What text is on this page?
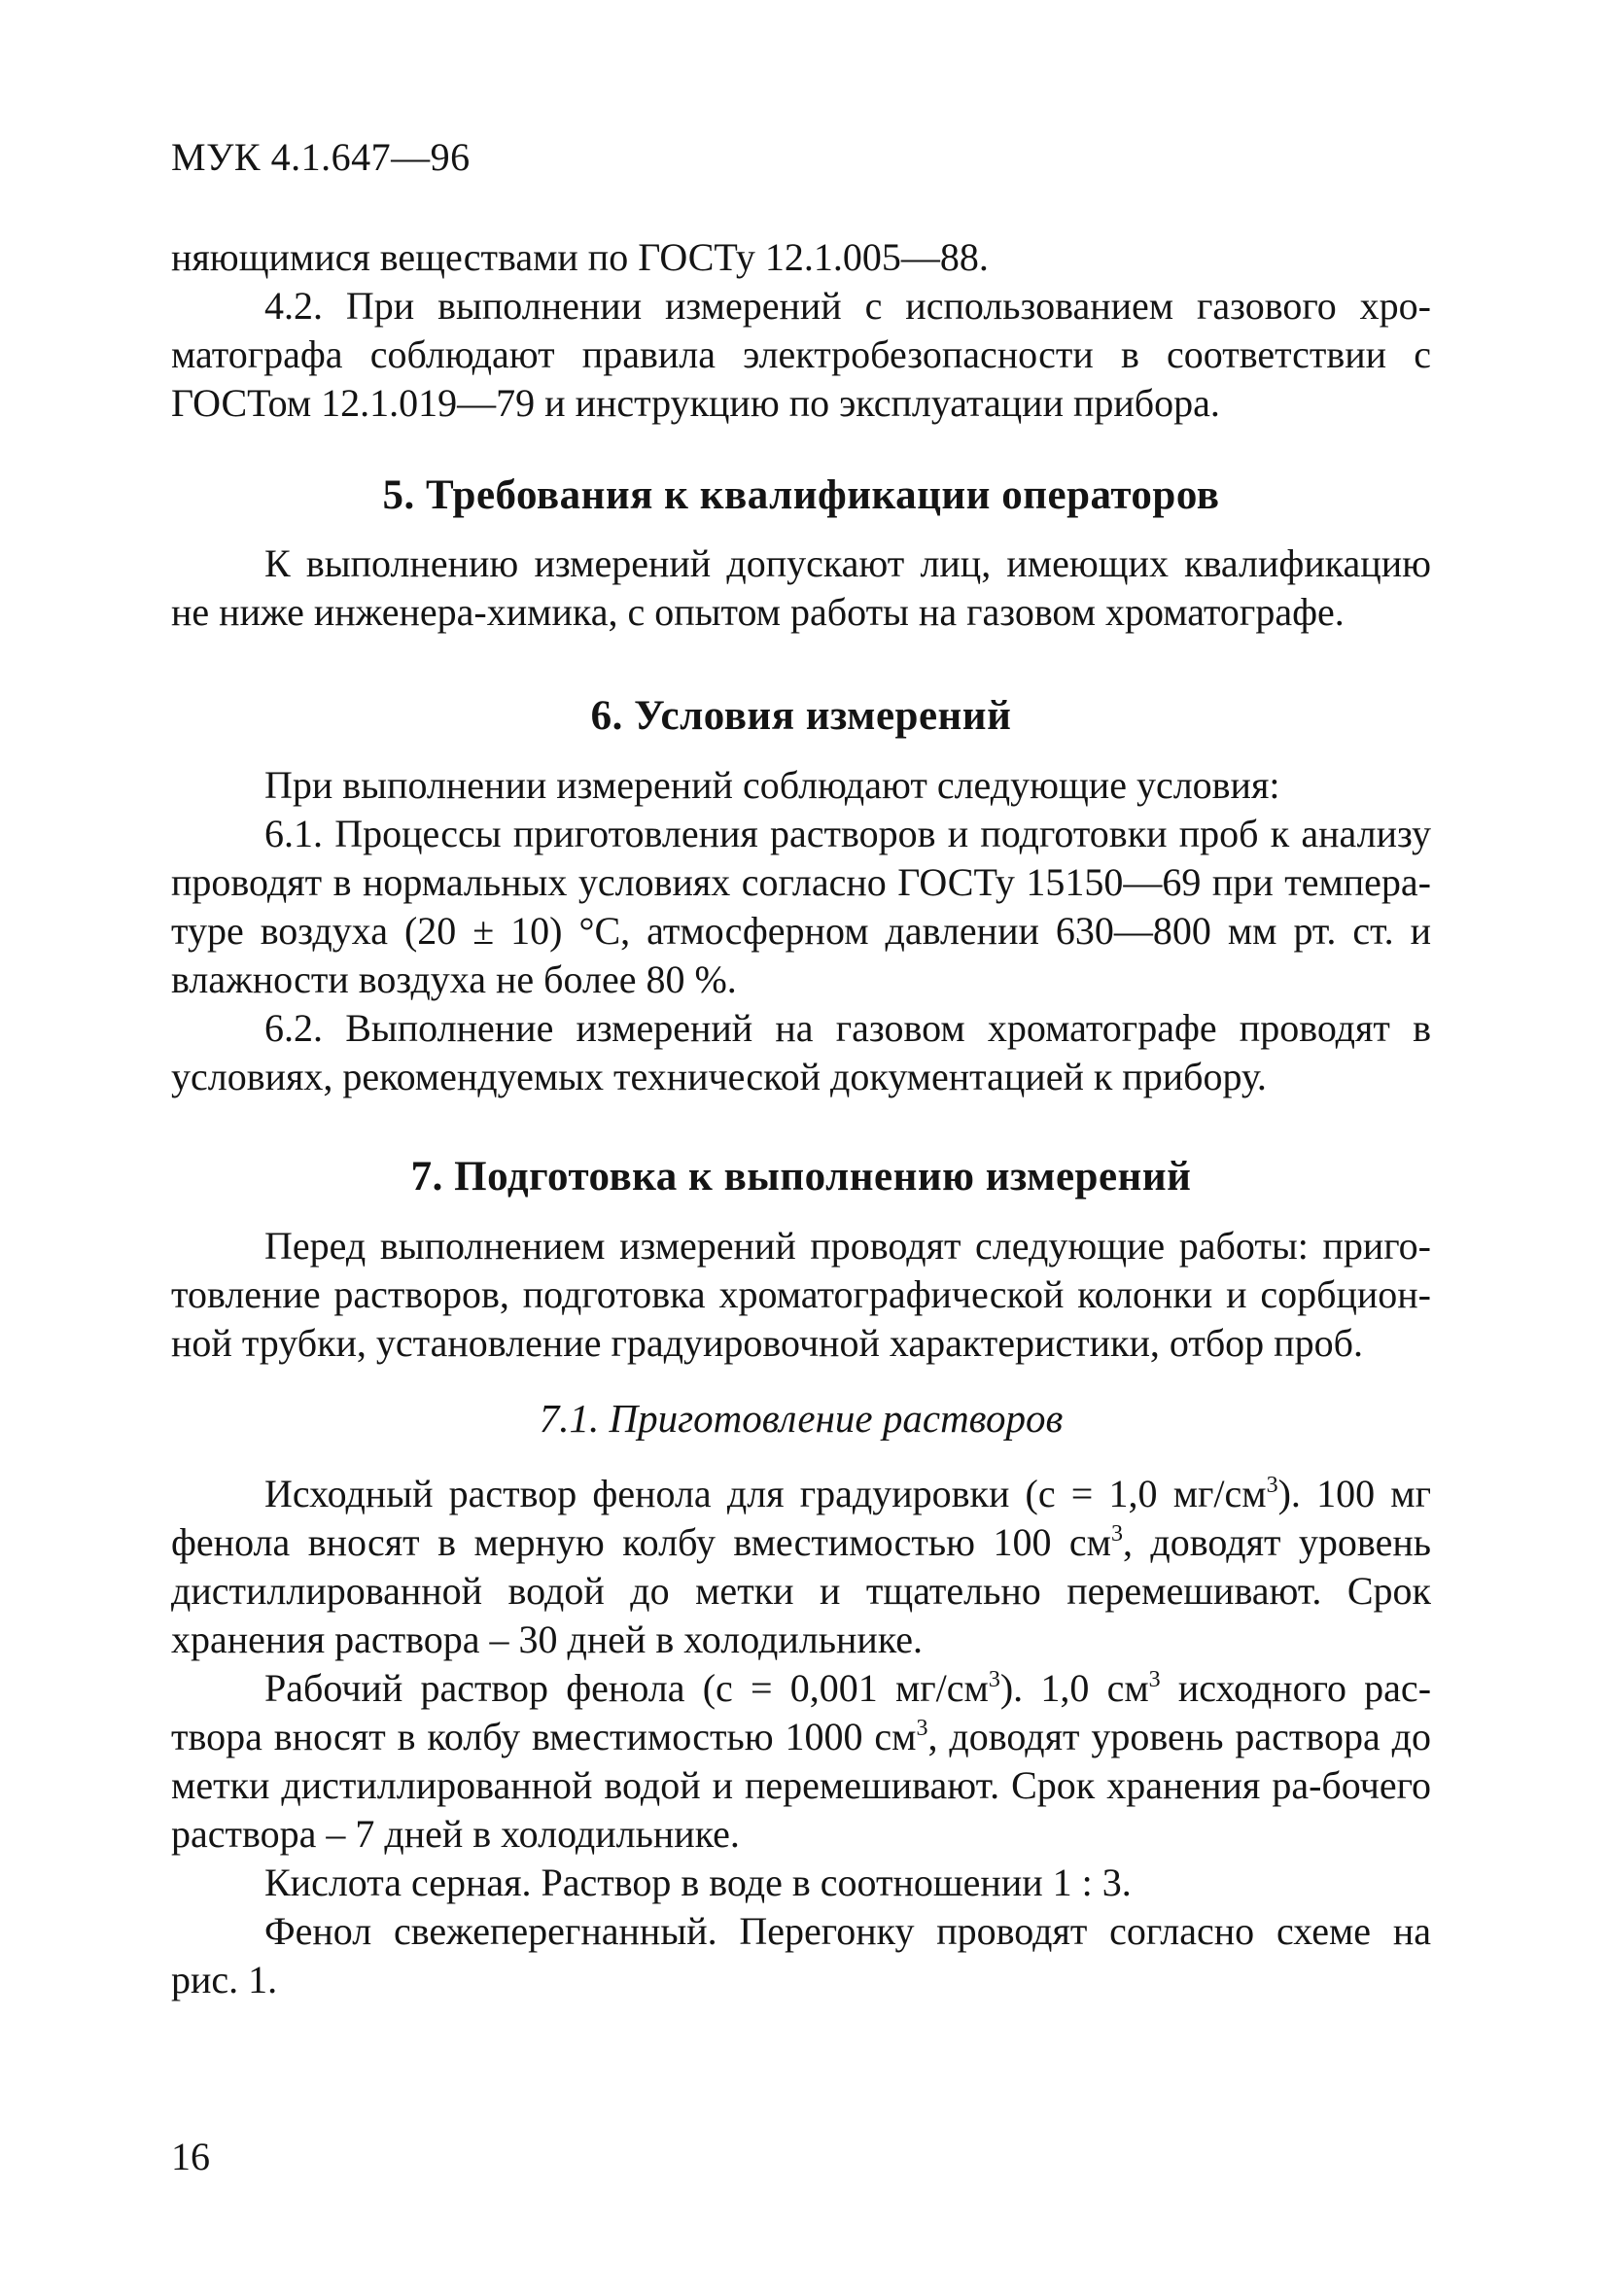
МУК 4.1.647—96

няющимися веществами по ГОСТу 12.1.005—88.

4.2. При выполнении измерений с использованием газового хро-матографа соблюдают правила электробезопасности в соответствии с ГОСТом 12.1.019—79 и инструкцию по эксплуатации прибора.

5. Требования к квалификации операторов

К выполнению измерений допускают лиц, имеющих квалификацию не ниже инженера-химика, с опытом работы на газовом хроматографе.

6. Условия измерений

При выполнении измерений соблюдают следующие условия:

6.1. Процессы приготовления растворов и подготовки проб к анализу проводят в нормальных условиях согласно ГОСТу 15150—69 при темпера-туре воздуха (20 ± 10) °С, атмосферном давлении 630—800 мм рт. ст. и влажности воздуха не более 80 %.

6.2. Выполнение измерений на газовом хроматографе проводят в условиях, рекомендуемых технической документацией к прибору.

7. Подготовка к выполнению измерений

Перед выполнением измерений проводят следующие работы: приго-товление растворов, подготовка хроматографической колонки и сорбцион-ной трубки, установление градуировочной характеристики, отбор проб.

7.1. Приготовление растворов

Исходный раствор фенола для градуировки (с = 1,0 $мг/см^3$). 100 мг фенола вносят в мерную колбу вместимостью 100 $см^3$, доводят уровень дистиллированной водой до метки и тщательно перемешивают. Срок хранения раствора – 30 дней в холодильнике.

Рабочий раствор фенола (с = 0,001 $мг/см^3$). 1,0 $см^3$ исходного рас-твора вносят в колбу вместимостью 1000 $см^3$, доводят уровень раствора до метки дистиллированной водой и перемешивают. Срок хранения ра-бочего раствора – 7 дней в холодильнике.

Кислота серная. Раствор в воде в соотношении 1 : 3.

Фенол свежеперегнанный. Перегонку проводят согласно схеме на рис. 1.

16
